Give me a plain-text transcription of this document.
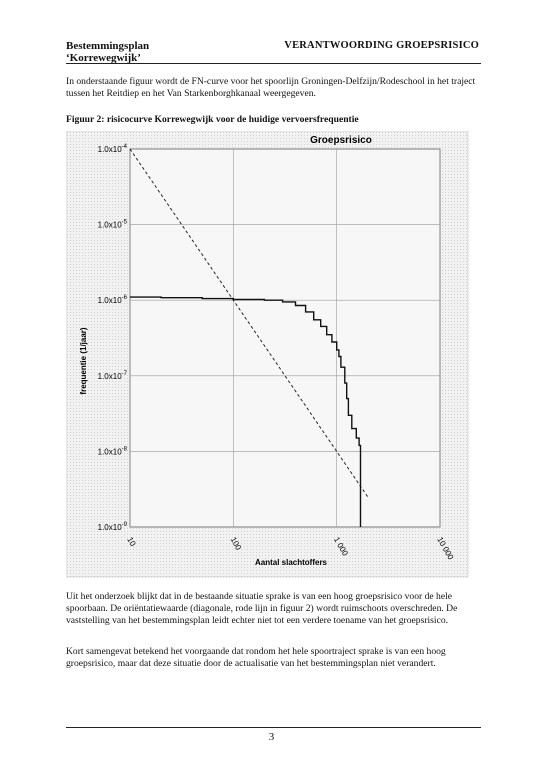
Bestemmingsplan
‘Korrewegwijk’
VERANTWOORDING GROEPSRISICO
In onderstaande figuur wordt de FN-curve voor het spoorlijn Groningen-Delfzijn/Rodeschool in het traject tussen het Reitdiep en het Van Starkenborghkanaal weergegeven.
Figuur 2: risicocurve Korrewegwijk voor de huidige vervoersfrequentie
$1.0x10^{-4}$
$1.0x10^{-5}$
$1.0x10^{-6}$
$1.0x10^{-7}$
$1.0x10^{-8}$
$1.0x10^{-9}$
10	100	1 000	10 000
Groepsrisico
Aantal slachtoffers
frequentie (1/jaar)
Uit het onderzoek blijkt dat in de bestaande situatie sprake is van een hoog groepsrisico voor de hele spoorbaan. De oriëntatiewaarde (diagonale, rode lijn in figuur 2) wordt ruimschoots overschreden. De vaststelling van het bestemmingsplan leidt echter niet tot een verdere toename van het groepsrisico.
Kort samengevat betekend het voorgaande dat rondom het hele spoortraject sprake is van een hoog groepsrisico, maar dat deze situatie door de actualisatie van het bestemmingsplan niet verandert.
3
